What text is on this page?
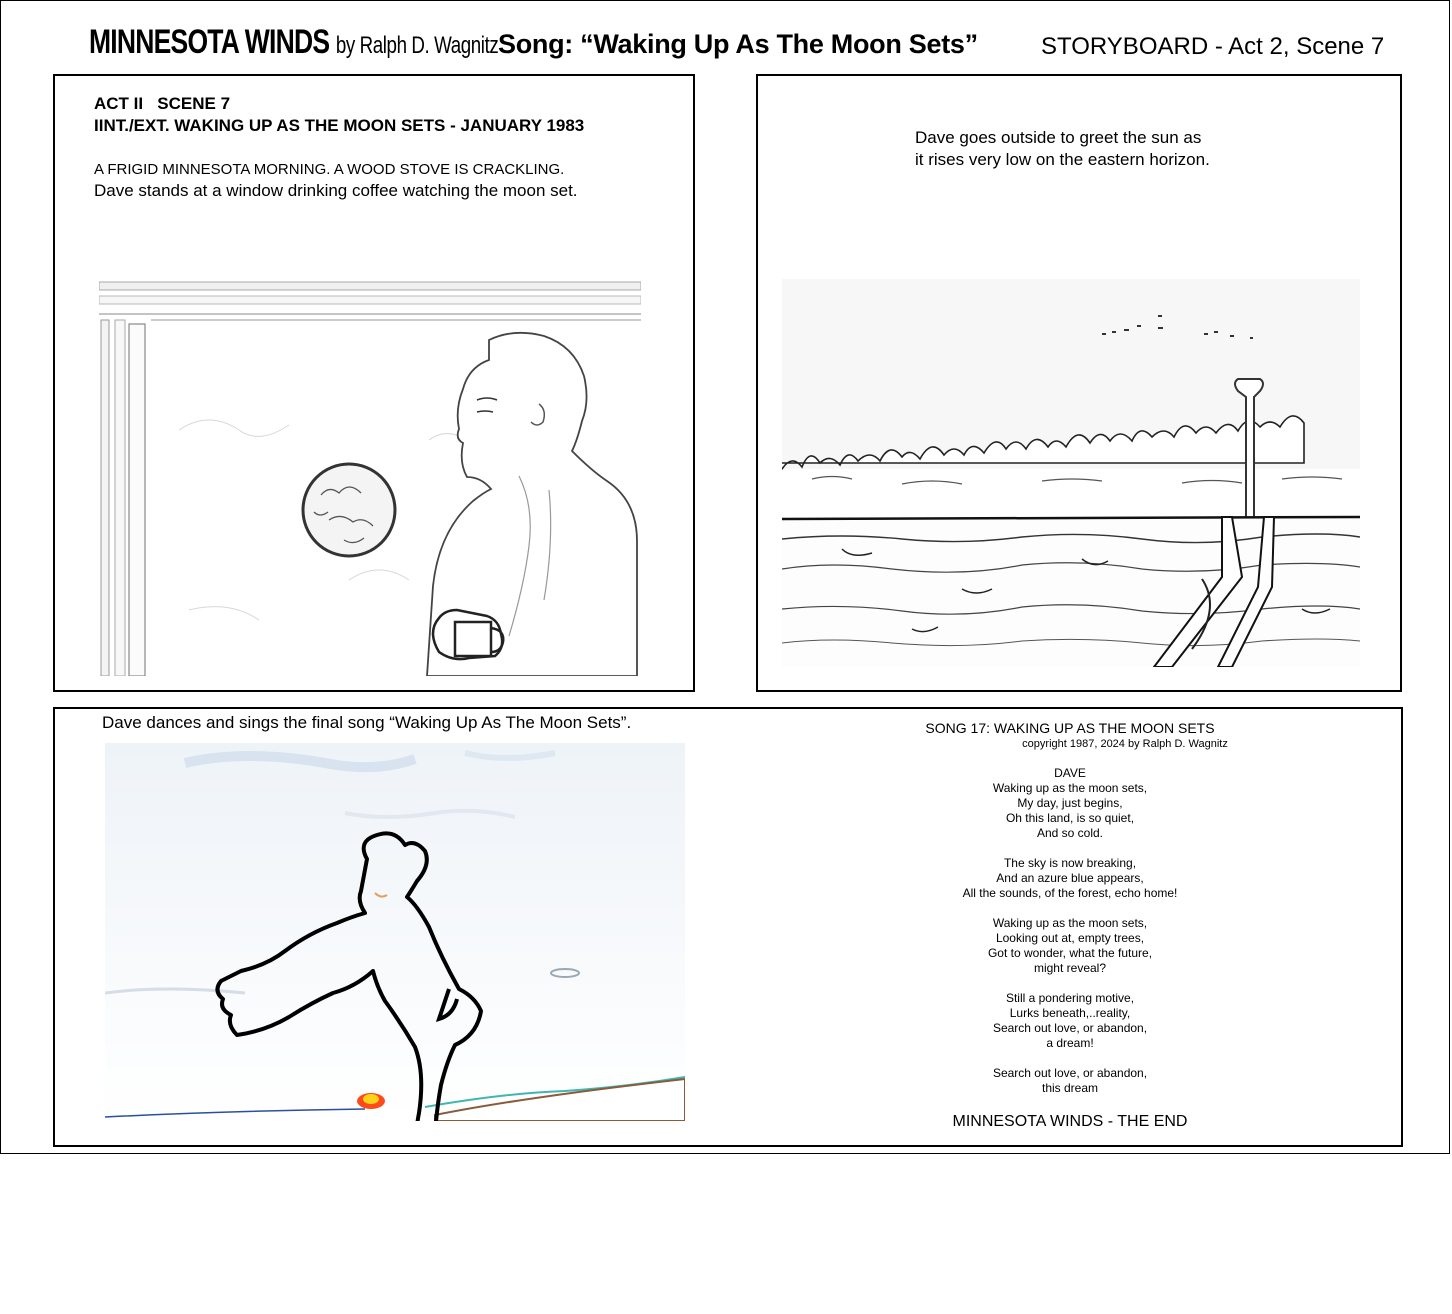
MINNESOTA WINDS by Ralph D. Wagnitz Song: “Waking Up As The Moon Sets”	STORYBOARD - Act 2, Scene 7
ACT II   SCENE 7
IINT./EXT. WAKING UP AS THE MOON SETS - JANUARY 1983
A FRIGID MINNESOTA MORNING. A WOOD STOVE IS CRACKLING.
Dave stands at a window drinking coffee watching the moon set.
Dave goes outside to greet the sun as
it rises very low on the eastern horizon.
Dave dances and sings the final song “Waking Up As The Moon Sets”.	SONG 17: WAKING UP AS THE MOON SETS
copyright 1987, 2024 by Ralph D. Wagnitz
DAVE
Waking up as the moon sets,
My day, just begins,
Oh this land, is so quiet,
And so cold.
The sky is now breaking,
And an azure blue appears,
All the sounds, of the forest, echo home!
Waking up as the moon sets,
Looking out at, empty trees,
Got to wonder, what the future,
might reveal?
Still a pondering motive,
Lurks beneath,..reality,
Search out love, or abandon,
a dream!
Search out love, or abandon,
this dream
MINNESOTA WINDS - THE END
